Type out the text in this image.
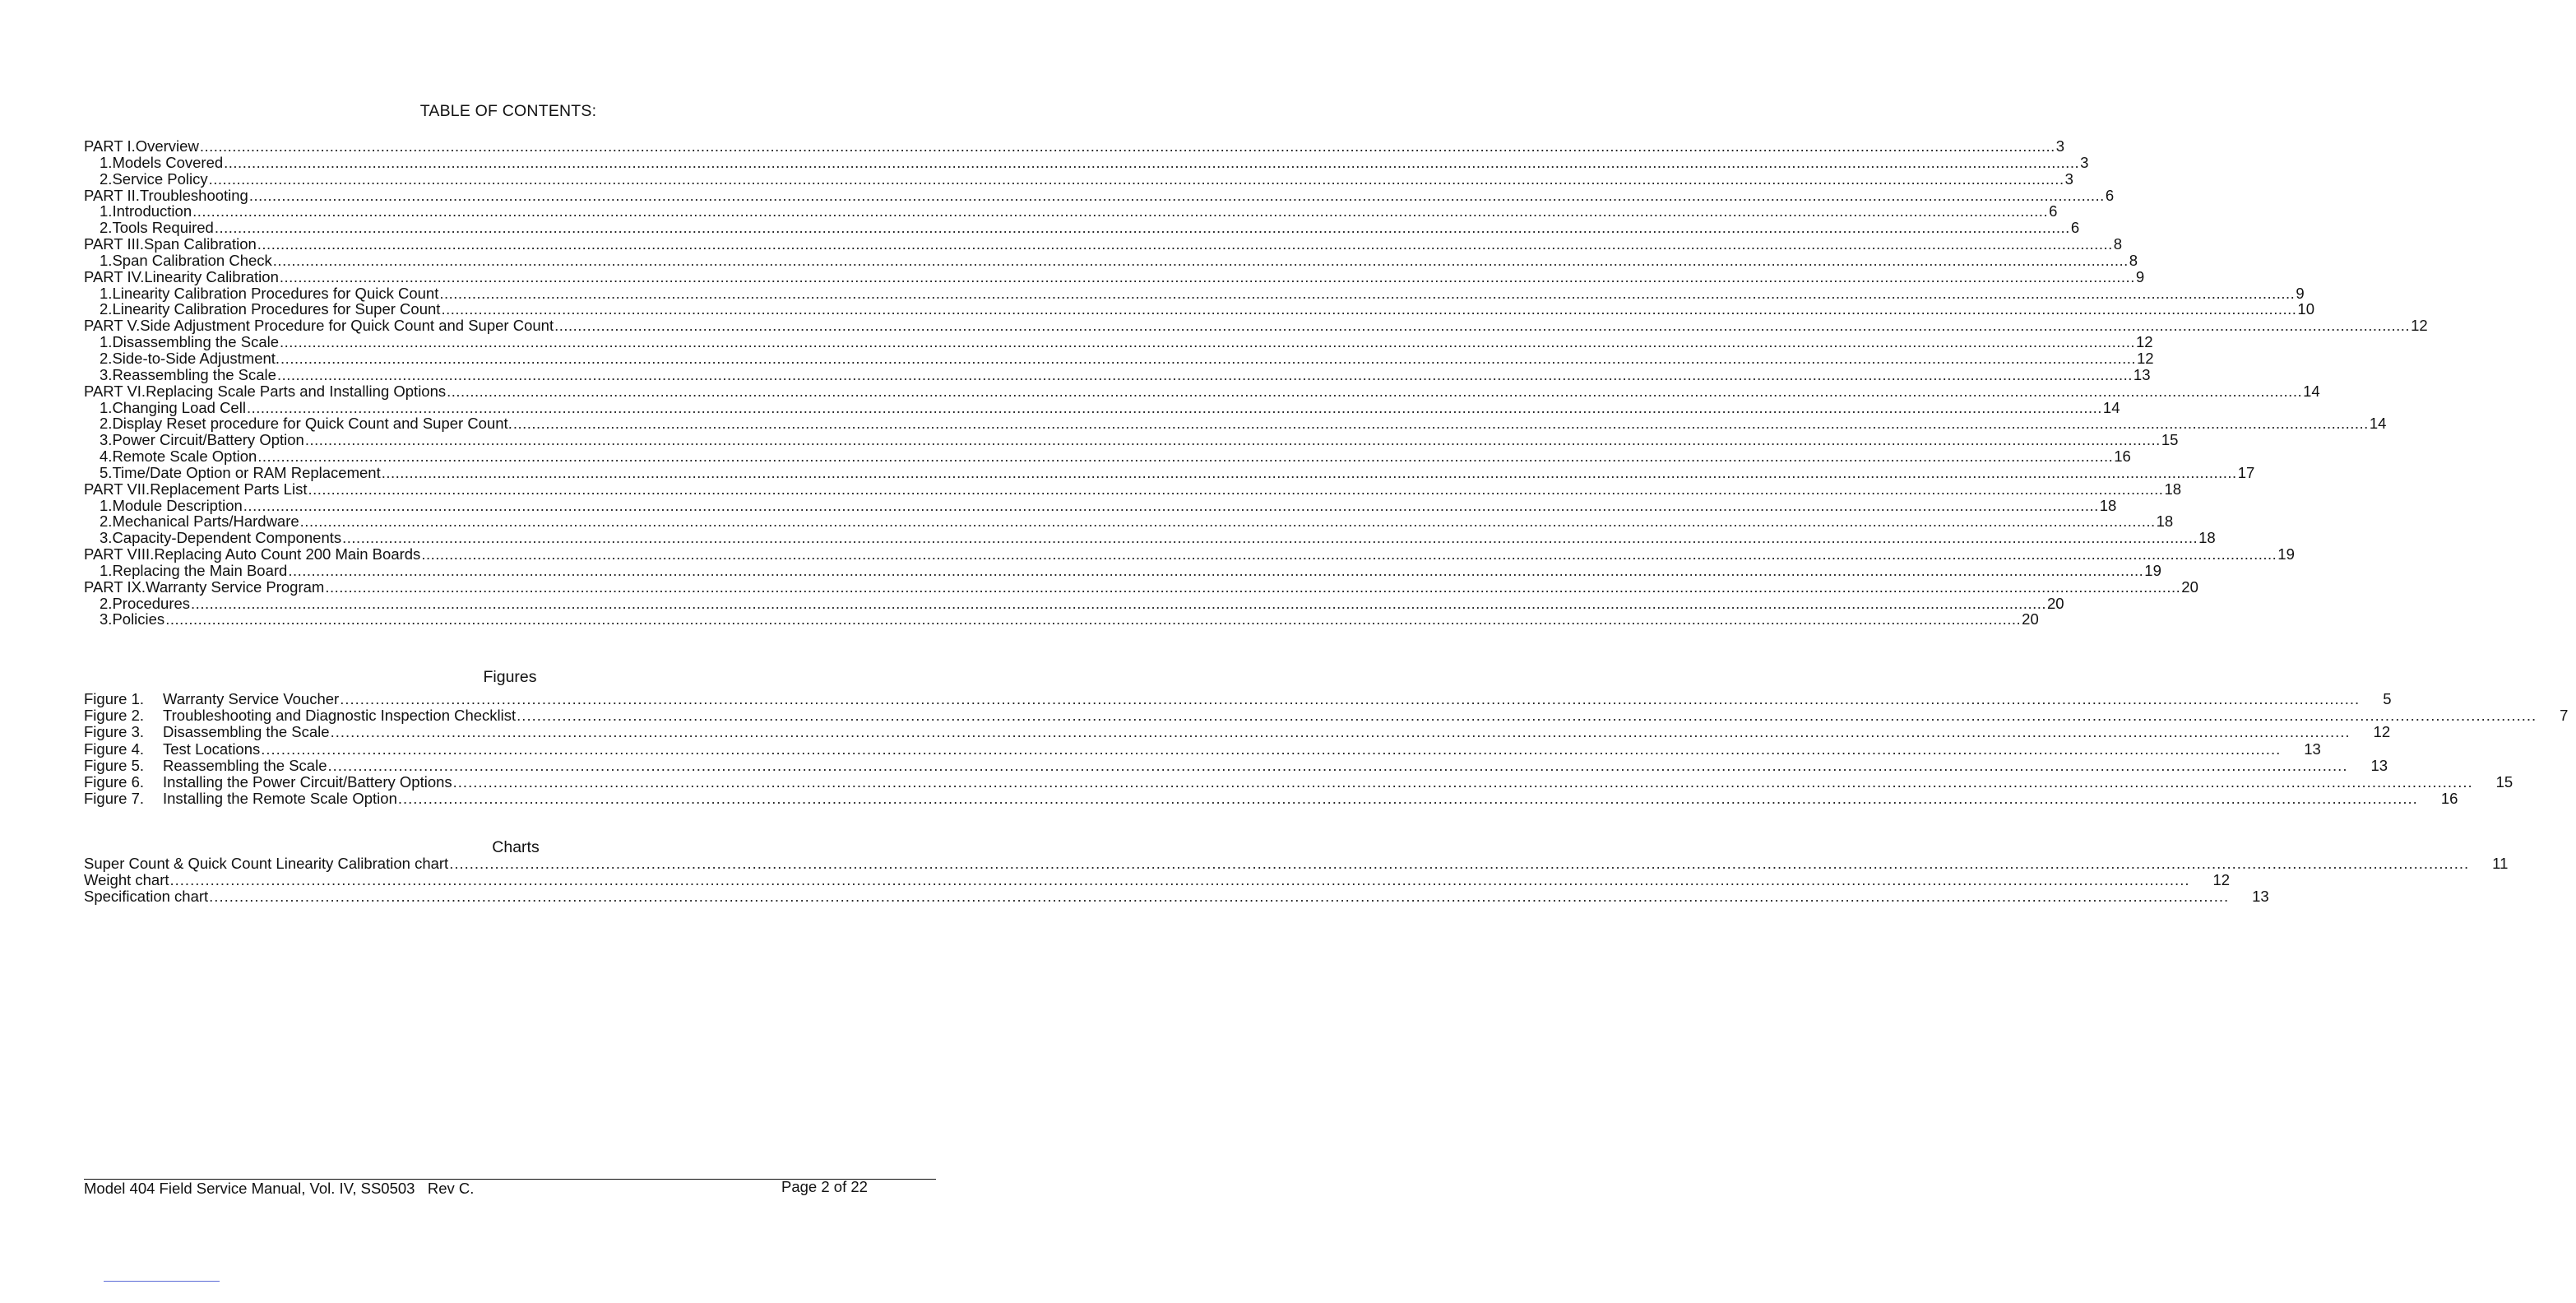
TABLE OF CONTENTS:
PART I. Overview ................................................................................................................................................................................................................................................................................................................................................................................................................ 3
1. Models Covered ................................................................................................................................................................................................................................................................................................................................................................................................................ 3
2. Service Policy ................................................................................................................................................................................................................................................................................................................................................................................................................ 3
PART II. Troubleshooting ................................................................................................................................................................................................................................................................................................................................................................................................................ 6
1. Introduction ................................................................................................................................................................................................................................................................................................................................................................................................................ 6
2. Tools Required ................................................................................................................................................................................................................................................................................................................................................................................................................ 6
PART III. Span Calibration ................................................................................................................................................................................................................................................................................................................................................................................................................ 8
1. Span Calibration Check ................................................................................................................................................................................................................................................................................................................................................................................................................ 8
PART IV. Linearity Calibration ................................................................................................................................................................................................................................................................................................................................................................................................................ 9
1. Linearity Calibration Procedures for Quick Count ................................................................................................................................................................................................................................................................................................................................................................................................................ 9
2. Linearity Calibration Procedures for Super Count ................................................................................................................................................................................................................................................................................................................................................................................................................ 10
PART V. Side Adjustment Procedure for Quick Count and Super Count ................................................................................................................................................................................................................................................................................................................................................................................................................ 12
1. Disassembling the Scale ................................................................................................................................................................................................................................................................................................................................................................................................................ 12
2. Side-to-Side Adjustment. ................................................................................................................................................................................................................................................................................................................................................................................................................ 12
3. Reassembling the Scale ................................................................................................................................................................................................................................................................................................................................................................................................................ 13
PART VI. Replacing Scale Parts and Installing Options ................................................................................................................................................................................................................................................................................................................................................................................................................ 14
1. Changing Load Cell ................................................................................................................................................................................................................................................................................................................................................................................................................ 14
2. Display Reset procedure for Quick Count and Super Count. ................................................................................................................................................................................................................................................................................................................................................................................................................ 14
3. Power Circuit/Battery Option ................................................................................................................................................................................................................................................................................................................................................................................................................ 15
4. Remote Scale Option ................................................................................................................................................................................................................................................................................................................................................................................................................ 16
5. Time/Date Option or RAM Replacement ................................................................................................................................................................................................................................................................................................................................................................................................................ 17
PART VII. Replacement Parts List ................................................................................................................................................................................................................................................................................................................................................................................................................ 18
1. Module Description ................................................................................................................................................................................................................................................................................................................................................................................................................ 18
2. Mechanical Parts/Hardware ................................................................................................................................................................................................................................................................................................................................................................................................................ 18
3. Capacity-Dependent Components ................................................................................................................................................................................................................................................................................................................................................................................................................ 18
PART VIII. Replacing Auto Count 200 Main Boards ................................................................................................................................................................................................................................................................................................................................................................................................................ 19
1. Replacing the Main Board ................................................................................................................................................................................................................................................................................................................................................................................................................ 19
PART IX. Warranty Service Program ................................................................................................................................................................................................................................................................................................................................................................................................................ 20
2. Procedures ................................................................................................................................................................................................................................................................................................................................................................................................................ 20
3. Policies ................................................................................................................................................................................................................................................................................................................................................................................................................ 20
Figures
Figure 1.	Warranty Service Voucher ................................................................................................................................................................................................................................................................................................................................................................................................................ 5
Figure 2.	Troubleshooting and Diagnostic Inspection Checklist ................................................................................................................................................................................................................................................................................................................................................................................................................ 7
Figure 3.	Disassembling the Scale ................................................................................................................................................................................................................................................................................................................................................................................................................ 12
Figure 4.	Test Locations ................................................................................................................................................................................................................................................................................................................................................................................................................ 13
Figure 5.	Reassembling the Scale ................................................................................................................................................................................................................................................................................................................................................................................................................ 13
Figure 6.	Installing the Power Circuit/Battery Options ................................................................................................................................................................................................................................................................................................................................................................................................................ 15
Figure 7.	Installing the Remote Scale Option ................................................................................................................................................................................................................................................................................................................................................................................................................ 16
Charts
Super Count & Quick Count Linearity Calibration chart ................................................................................................................................................................................................................................................................................................................................................................................................................ 11
Weight chart ................................................................................................................................................................................................................................................................................................................................................................................................................ 12
Specification chart ................................................................................................................................................................................................................................................................................................................................................................................................................ 13
Model 404 Field Service Manual, Vol. IV, SS0503   Rev C.	Page 2 of 22
